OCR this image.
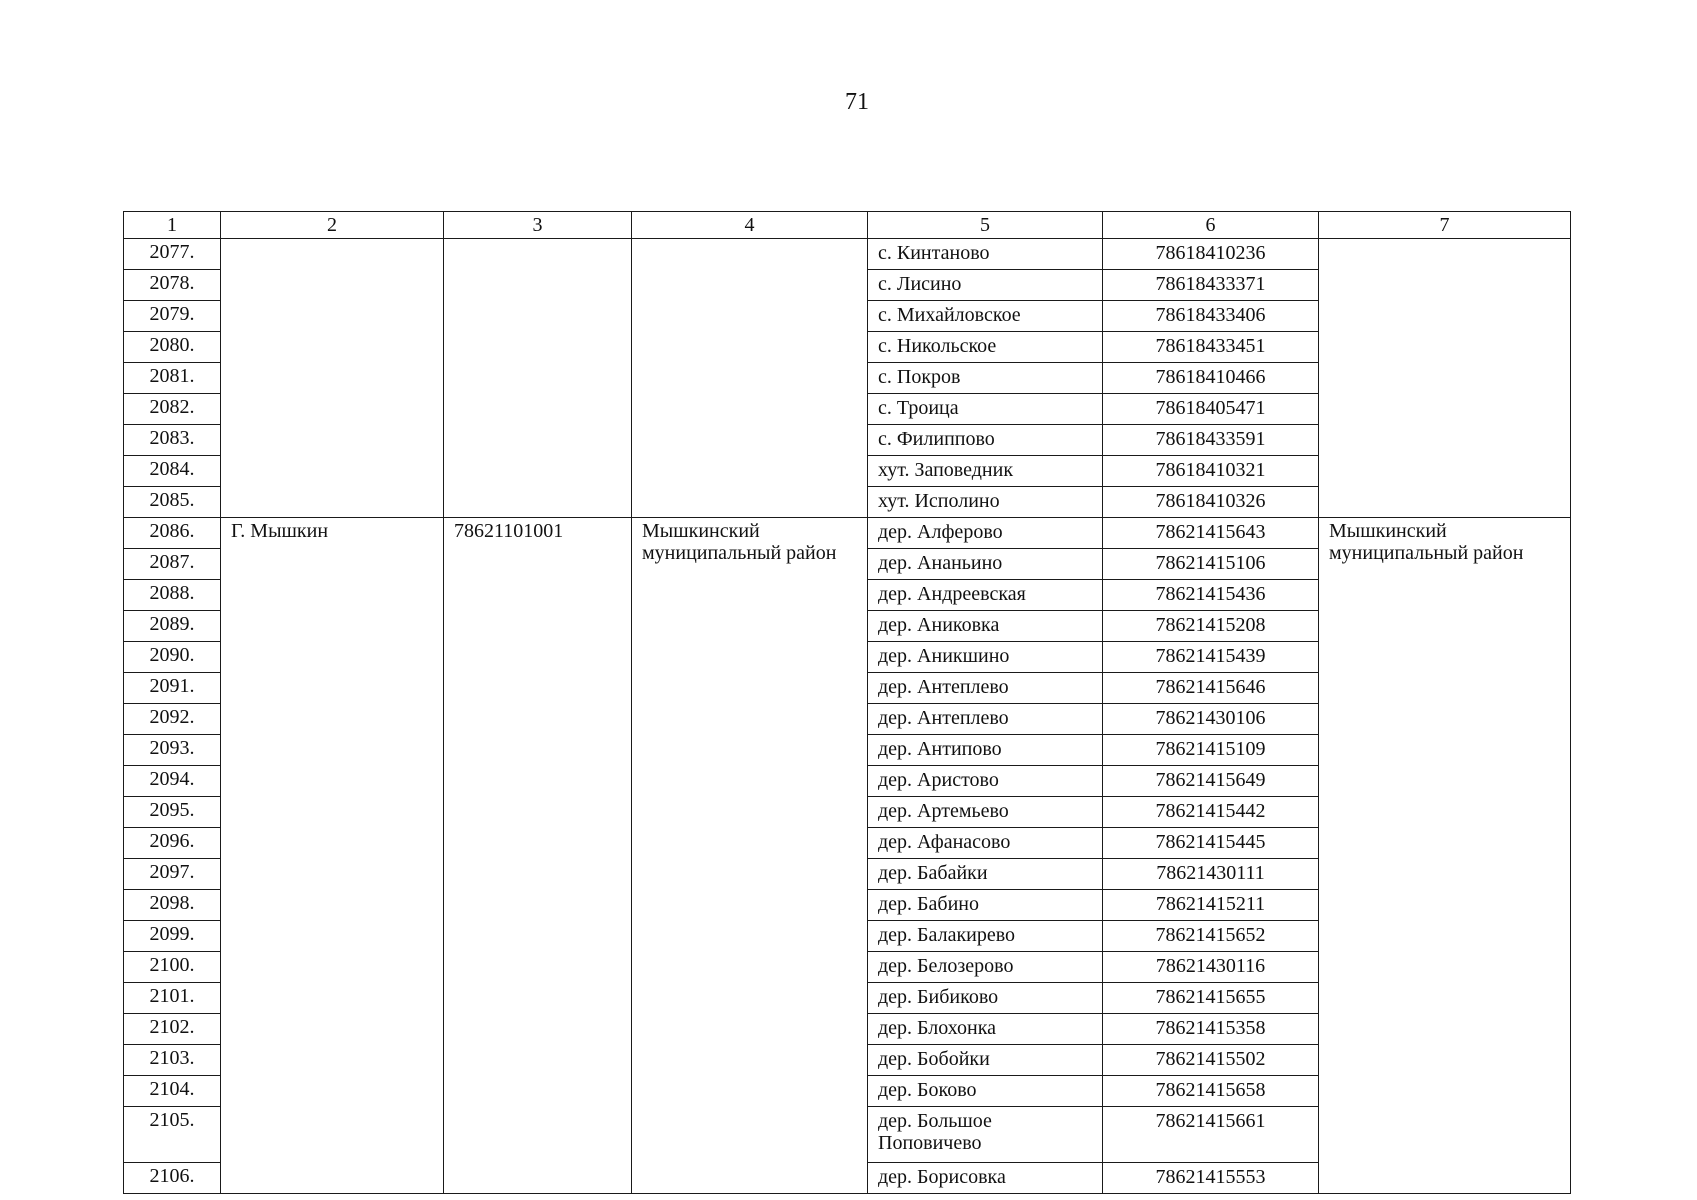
71
1	2	3	4	5	6	7
2077.				с. Кинтаново	78618410236	
2078.				с. Лисино	78618433371	
2079.				с. Михайловское	78618433406	
2080.				с. Никольское	78618433451	
2081.				с. Покров	78618410466	
2082.				с. Троица	78618405471	
2083.				с. Филиппово	78618433591	
2084.				хут. Заповедник	78618410321	
2085.				хут. Исполино	78618410326	
2086.	Г. Мышкин	78621101001	Мышкинский муниципальный район	дер. Алферово	78621415643	Мышкинский муниципальный район
2087.				дер. Ананьино	78621415106	
2088.				дер. Андреевская	78621415436	
2089.				дер. Аниковка	78621415208	
2090.				дер. Аникшино	78621415439	
2091.				дер. Антеплево	78621415646	
2092.				дер. Антеплево	78621430106	
2093.				дер. Антипово	78621415109	
2094.				дер. Аристово	78621415649	
2095.				дер. Артемьево	78621415442	
2096.				дер. Афанасово	78621415445	
2097.				дер. Бабайки	78621430111	
2098.				дер. Бабино	78621415211	
2099.				дер. Балакирево	78621415652	
2100.				дер. Белозерово	78621430116	
2101.				дер. Бибиково	78621415655	
2102.				дер. Блохонка	78621415358	
2103.				дер. Бобойки	78621415502	
2104.				дер. Боково	78621415658	
2105.				дер. Большое Поповичево	78621415661	
2106.				дер. Борисовка	78621415553	
